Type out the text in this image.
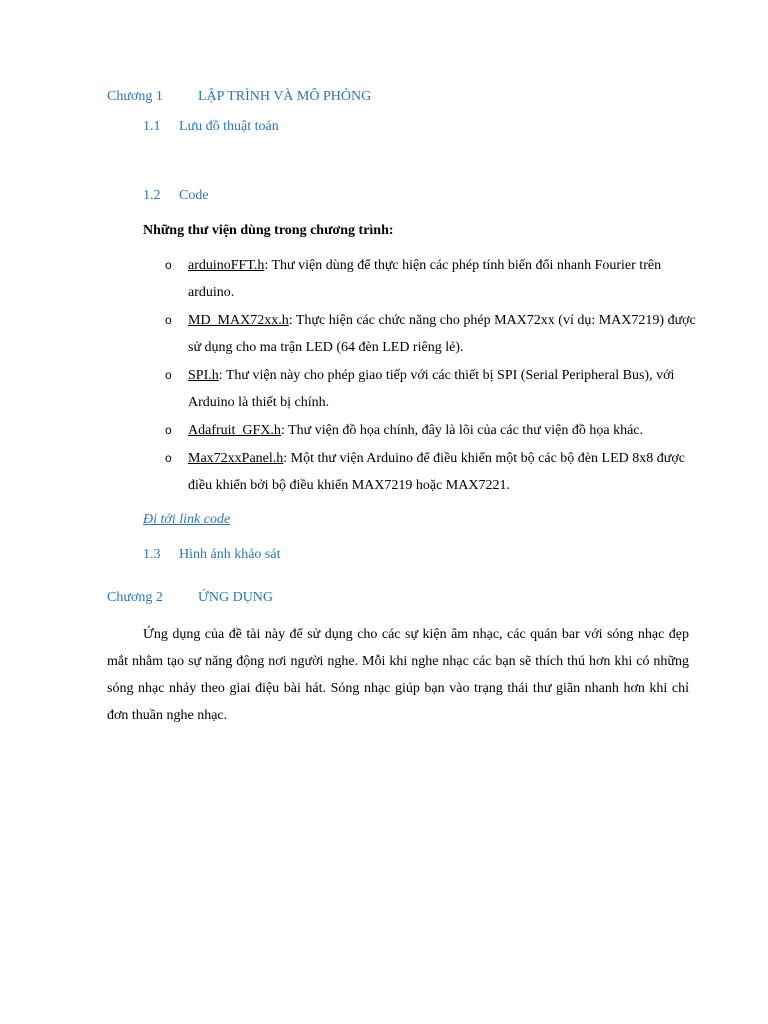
Chương 1	LẬP TRÌNH VÀ MÔ PHỎNG
1.1 Lưu đồ thuật toán
1.2 Code
Những thư viện dùng trong chương trình:
o arduinoFFT.h: Thư viện dùng để thực hiện các phép tính biến đổi nhanh Fourier trên arduino.
o MD_MAX72xx.h: Thực hiện các chức năng cho phép MAX72xx (ví dụ: MAX7219) được sử dụng cho ma trận LED (64 đèn LED riêng lẻ).
o SPI.h: Thư viện này cho phép giao tiếp với các thiết bị SPI (Serial Peripheral Bus), với Arduino là thiết bị chính.
o Adafruit_GFX.h: Thư viện đồ họa chính, đây là lõi của các thư viện đồ họa khác.
o Max72xxPanel.h: Một thư viện Arduino để điều khiển một bộ các bộ đèn LED 8x8 được điều khiển bởi bộ điều khiển MAX7219 hoặc MAX7221.
Đi tới link code
1.3 Hình ảnh khảo sát
Chương 2	ỨNG DỤNG

Ứng dụng của đề tài này để sử dụng cho các sự kiện âm nhạc, các quán bar với sóng nhạc đẹp mắt nhằm tạo sự năng động nơi người nghe. Mỗi khi nghe nhạc các bạn sẽ thích thú hơn khi có những sóng nhạc nhảy theo giai điệu bài hát. Sóng nhạc giúp bạn vào trạng thái thư giãn nhanh hơn khi chỉ đơn thuần nghe nhạc.
